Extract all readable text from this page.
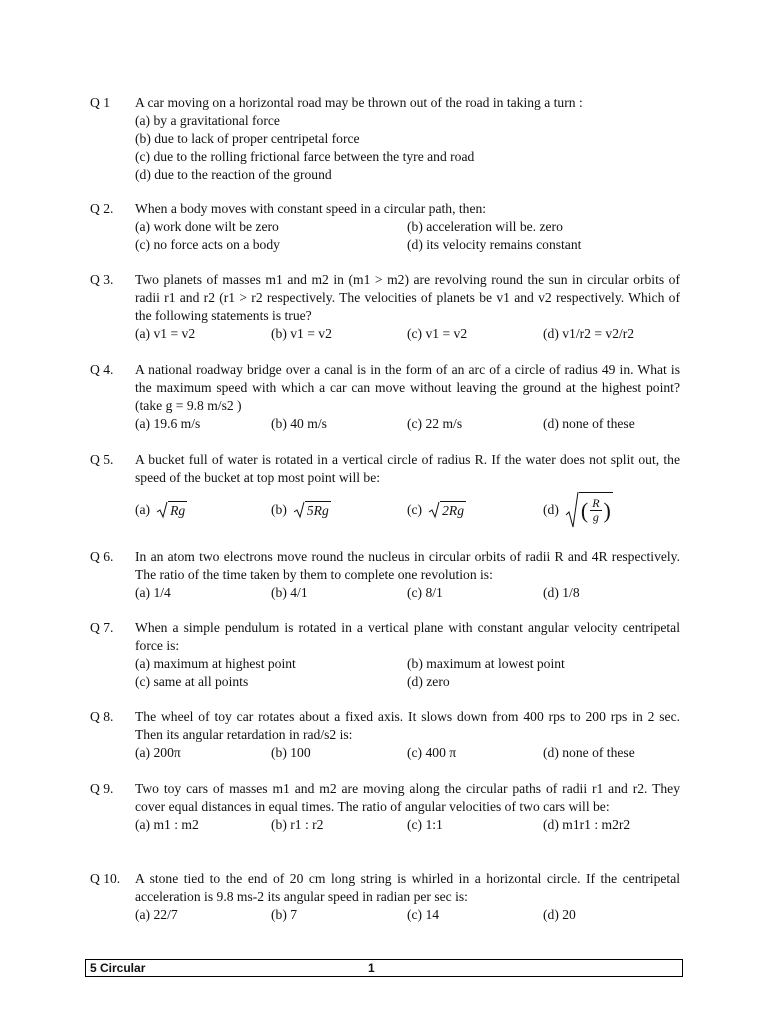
Q 1	A car moving on a horizontal road may be thrown out of the road in taking a turn :
(a) by a gravitational force
(b) due to lack of proper centripetal force
(c) due to the rolling frictional farce between the tyre and road
(d) due to the reaction of the ground
Q 2.	When a body moves with constant speed in a circular path, then:
(a) work done wilt be zero	(b) acceleration will be. zero
(c) no force acts on a body	(d) its velocity remains constant
Q 3.	Two planets of masses m1 and m2 in (m1 > m2) are revolving round the sun in circular orbits of radii r1 and r2 (r1 > r2 respectively. The velocities of planets be v1 and v2 respectively. Which of the following statements is true?
(a) v1 = v2	(b) v1 = v2	(c) v1 = v2	(d) v1/r2 = v2/r2
Q 4.	A national roadway bridge over a canal is in the form of an arc of a circle of radius 49 in. What is the maximum speed with which a car can move without leaving the ground at the highest point? (take g = 9.8 m/s2 )
(a) 19.6 m/s	(b) 40 m/s	(c) 22 m/s	(d) none of these
Q 5.	A bucket full of water is rotated in a vertical circle of radius R. If the water does not split out, the speed of the bucket at top most point will be:
(a) Rg	(b) 5Rg	(c) 2Rg	(d) ( $\frac{R}{g}$ )
Q 6.	In an atom two electrons move round the nucleus in circular orbits of radii R and 4R respectively. The ratio of the time taken by them to complete one revolution is:
(a) 1/4	(b) 4/1	(c) 8/1	(d) 1/8
Q 7.	When a simple pendulum is rotated in a vertical plane with constant angular velocity centripetal force is:
(a) maximum at highest point	(b) maximum at lowest point
(c) same at all points	(d) zero
Q 8.	The wheel of toy car rotates about a fixed axis. It slows down from 400 rps to 200 rps in 2 sec. Then its angular retardation in rad/s2 is:
(a) 200π	(b) 100	(c) 400 π	(d) none of these
Q 9.	Two toy cars of masses m1 and m2 are moving along the circular paths of radii r1 and r2. They cover equal distances in equal times. The ratio of angular velocities of two cars will be:
(a) m1 : m2	(b) r1 : r2	(c) 1:1	(d) m1r1 : m2r2
Q 10.	A stone tied to the end of 20 cm long string is whirled in a horizontal circle. If the centripetal acceleration is 9.8 ms-2 its angular speed in radian per sec is:
(a) 22/7	(b) 7	(c) 14	(d) 20
5 Circular	1
